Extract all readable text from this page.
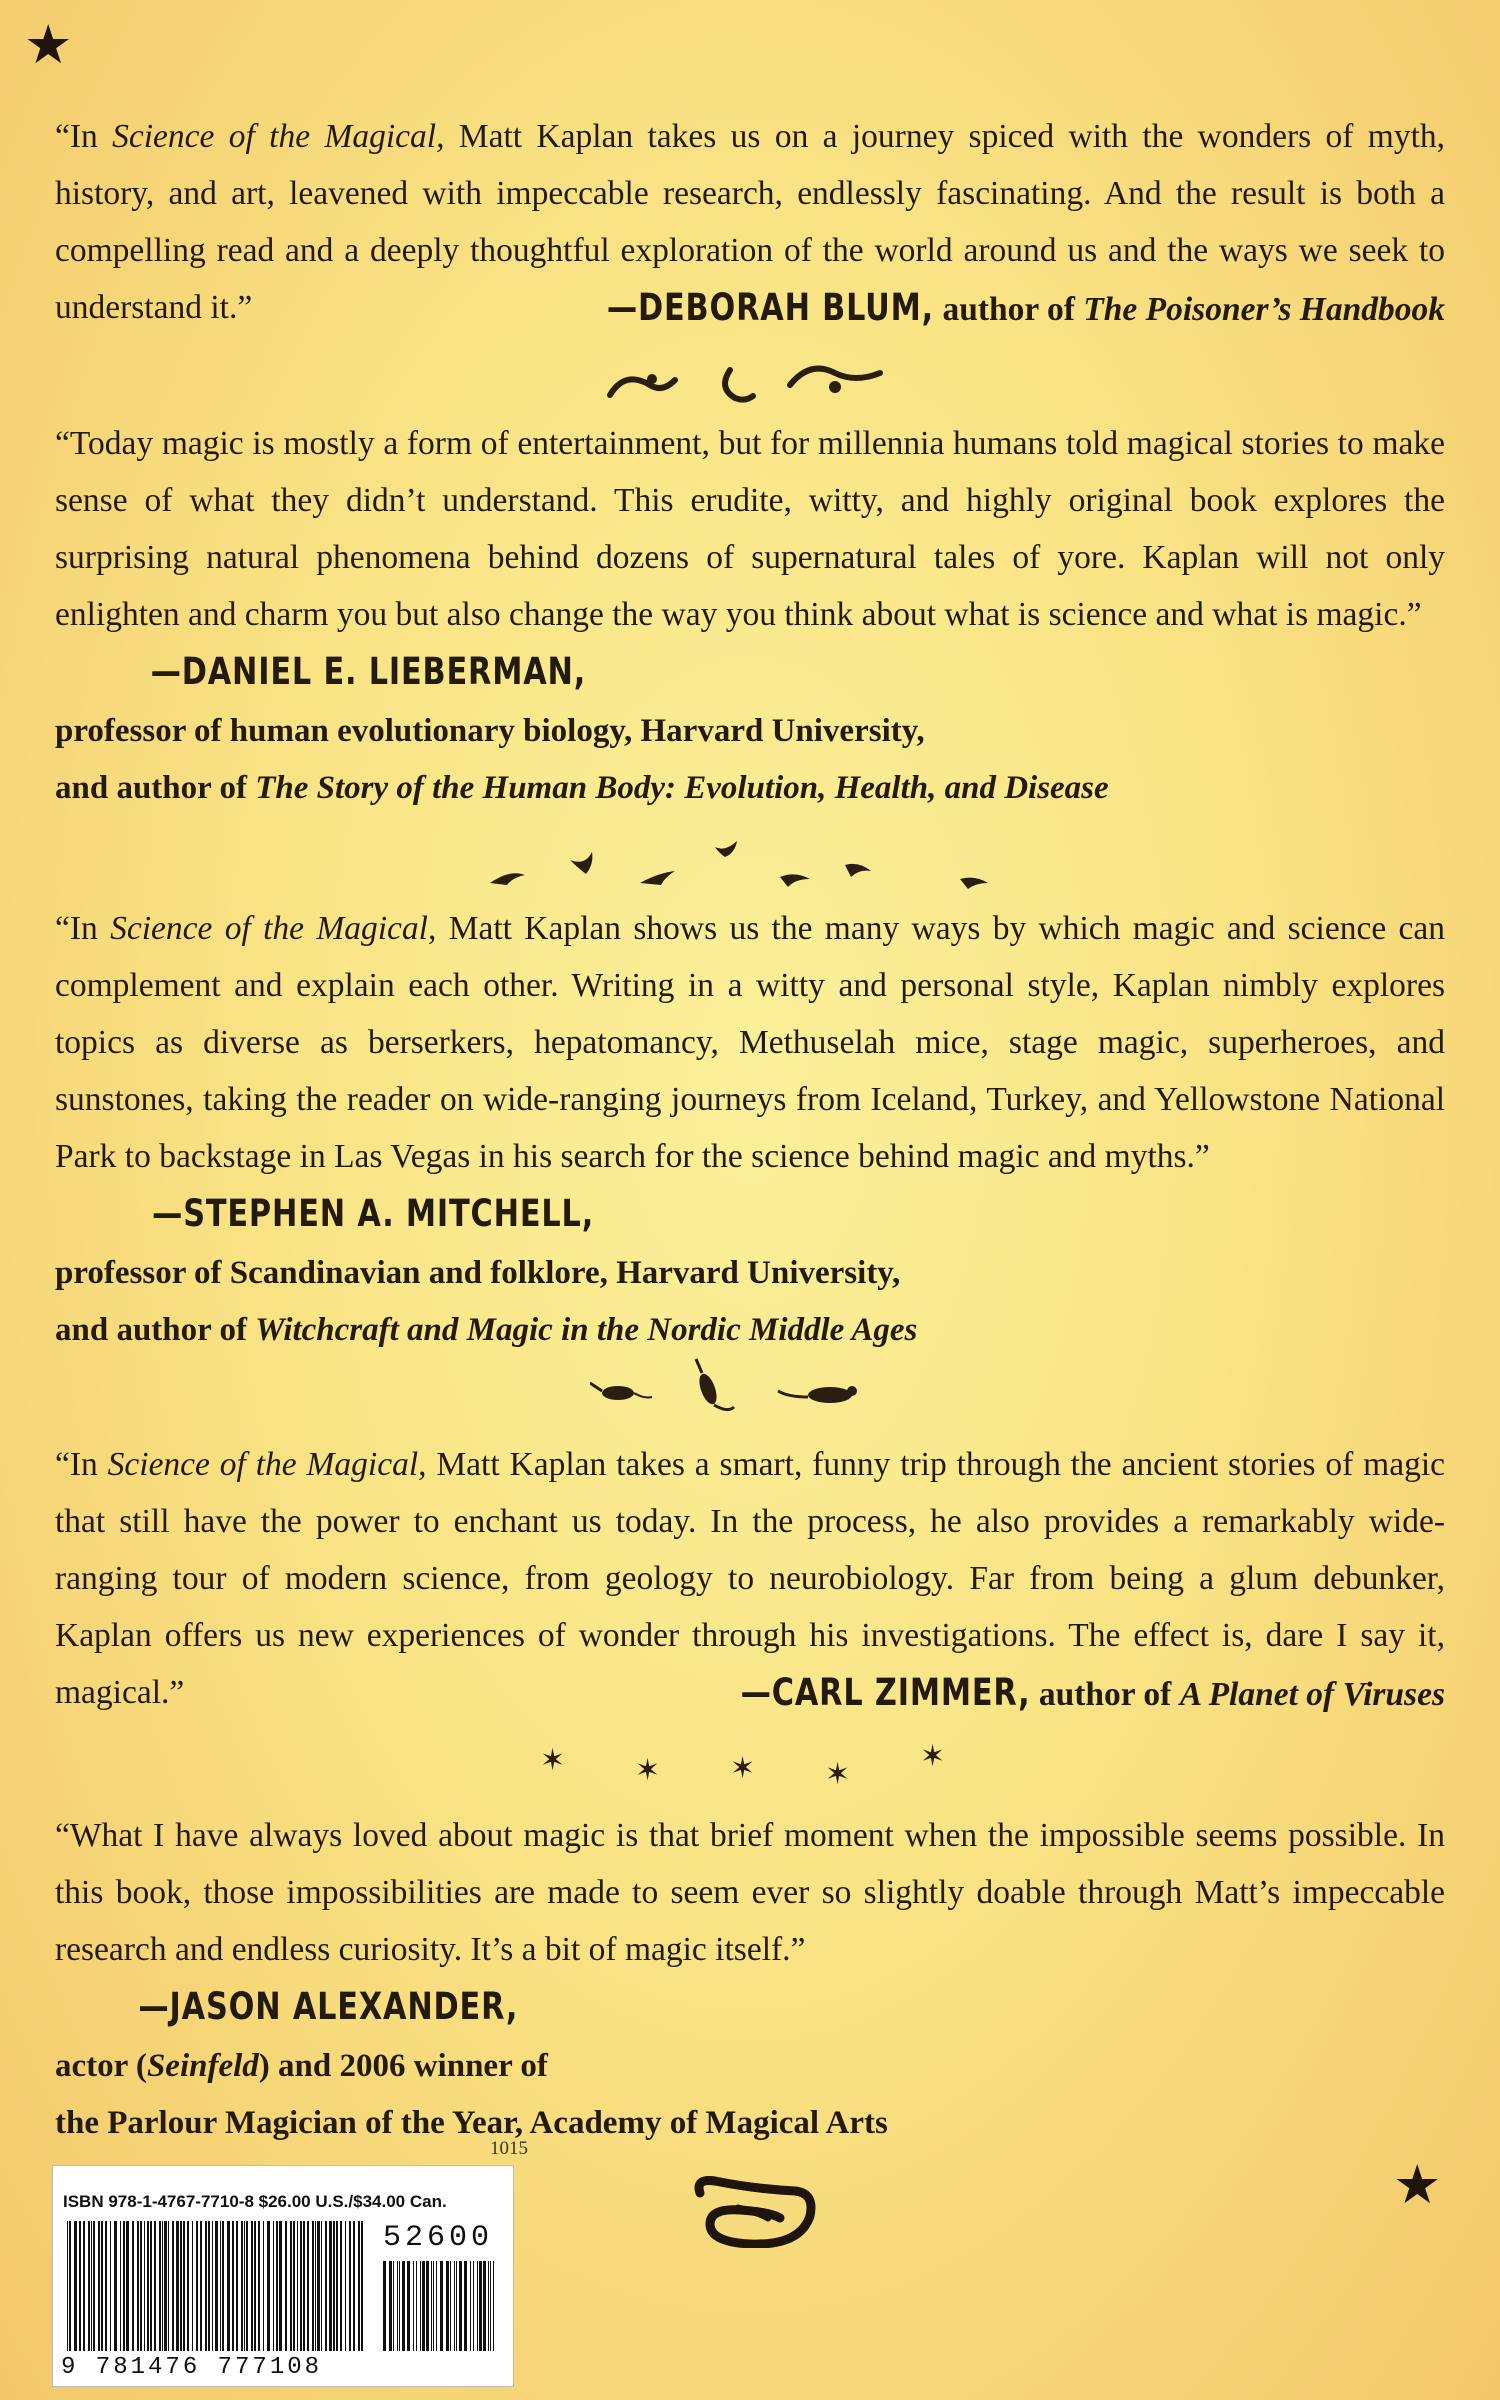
★
★

“In Science of the Magical, Matt Kaplan takes us on a journey spiced with the wonders of myth, history, and art, leavened with impeccable research, endlessly fascinating. And the result is both a compelling read and a deeply thoughtful exploration of the world around us and the ways we seek to understand it.”	—DEBORAH BLUM, author of The Poisoner’s Handbook

“Today magic is mostly a form of entertainment, but for millennia humans told magical stories to make sense of what they didn’t understand. This erudite, witty, and highly original book explores the surprising natural phenomena behind dozens of supernatural tales of yore. Kaplan will not only enlighten and charm you but also change the way you think about what is science and what is magic.”

—DANIEL E. LIEBERMAN,

professor of human evolutionary biology, Harvard University,

and author of The Story of the Human Body: Evolution, Health, and Disease

“In Science of the Magical, Matt Kaplan shows us the many ways by which magic and science can complement and explain each other. Writing in a witty and personal style, Kaplan nimbly explores topics as diverse as berserkers, hepatomancy, Methuselah mice, stage magic, superheroes, and sunstones, taking the reader on wide-ranging journeys from Iceland, Turkey, and Yellowstone National Park to backstage in Las Vegas in his search for the science behind magic and myths.”

—STEPHEN A. MITCHELL,

professor of Scandinavian and folklore, Harvard University,

and author of Witchcraft and Magic in the Nordic Middle Ages

“In Science of the Magical, Matt Kaplan takes a smart, funny trip through the ancient stories of magic that still have the power to enchant us today. In the process, he also provides a remarkably wide-ranging tour of modern science, from geology to neurobiology. Far from being a glum debunker, Kaplan offers us new experiences of wonder through his investigations. The effect is, dare I say it, magical.”	—CARL ZIMMER, author of A Planet of Viruses

✶ ✶ ✶ ✶
✶

“What I have always loved about magic is that brief moment when the impossible seems possible. In this book, those impossibilities are made to seem ever so slightly doable through Matt’s impeccable research and endless curiosity. It’s a bit of magic itself.”

—JASON ALEXANDER,

actor (Seinfeld) and 2006 winner of

the Parlour Magician of the Year, Academy of Magical Arts

1015
ISBN 978-1-4767-7710-8 $26.00 U.S./$34.00 Can.
52600
9 781476 777108
